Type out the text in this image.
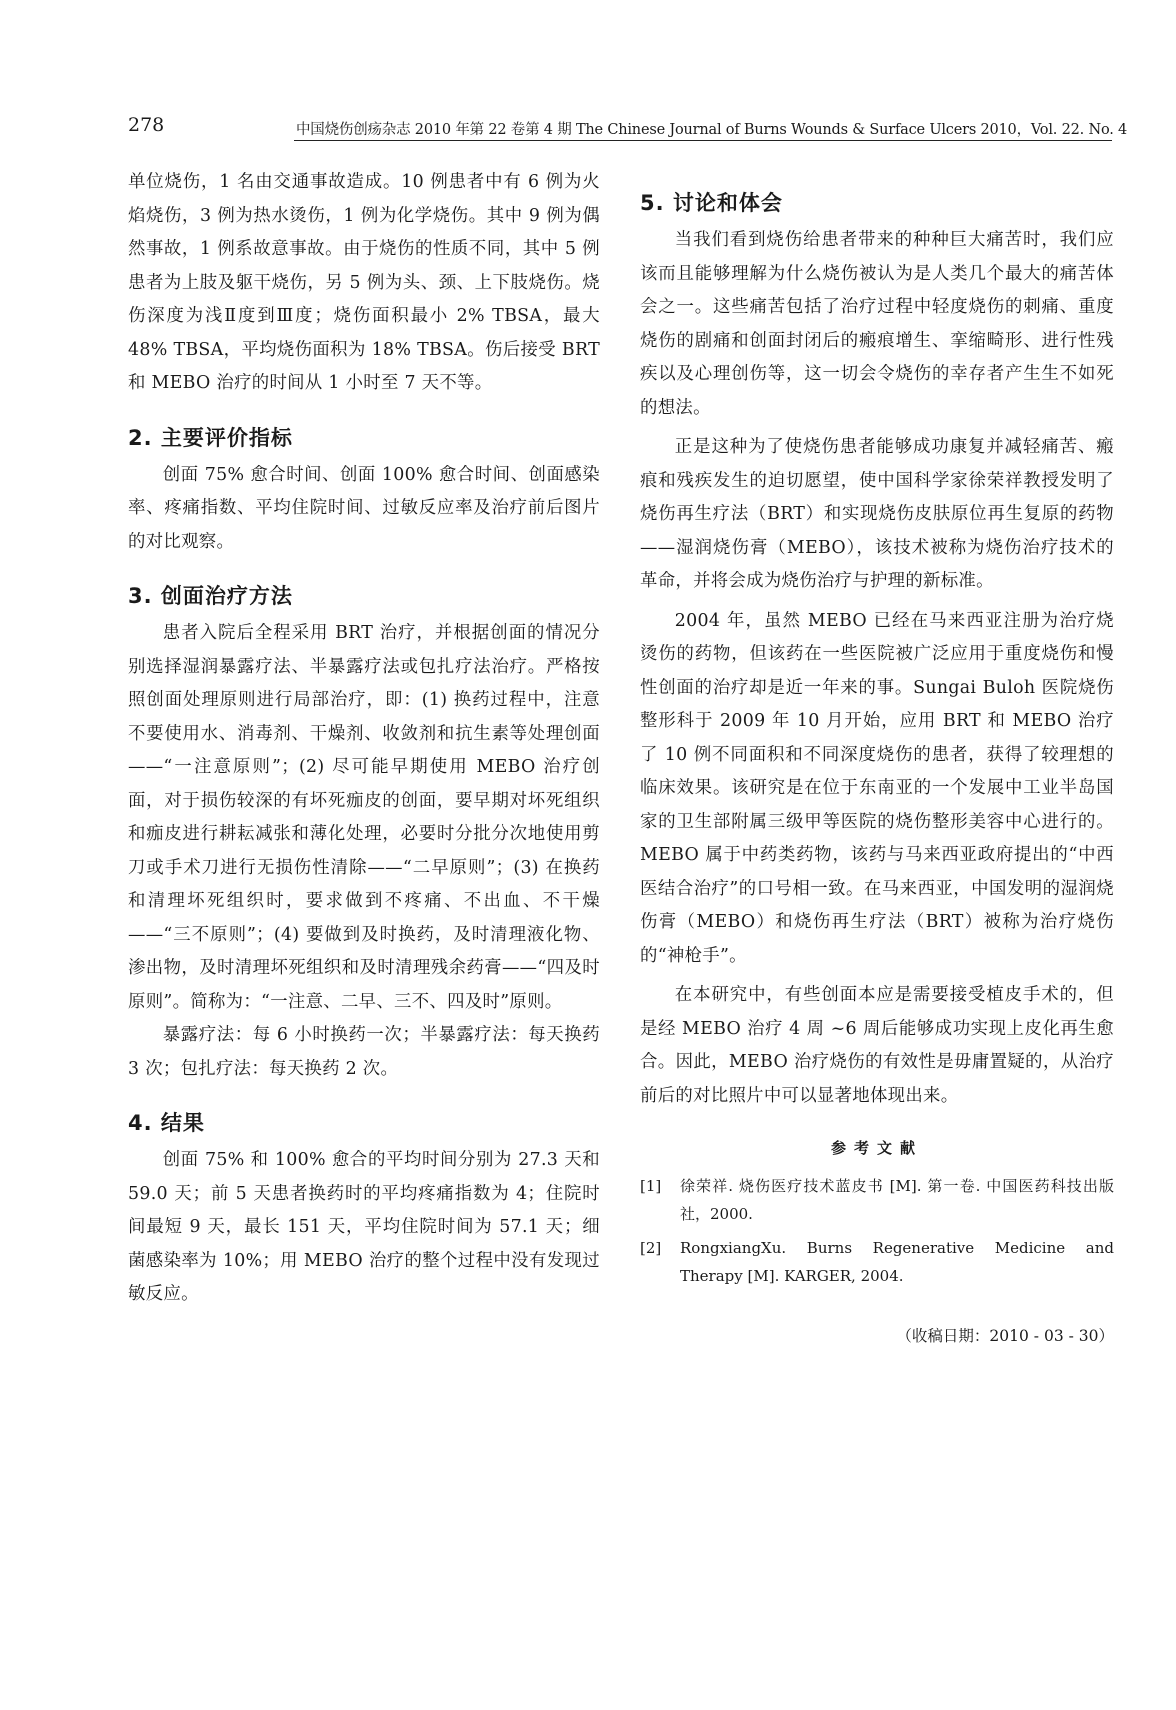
278	中国烧伤创疡杂志 2010 年第 22 卷第 4 期 The Chinese Journal of Burns Wounds & Surface Ulcers 2010，Vol. 22. No. 4

单位烧伤，1 名由交通事故造成。10 例患者中有 6 例为火焰烧伤，3 例为热水烫伤，1 例为化学烧伤。其中 9 例为偶然事故，1 例系故意事故。由于烧伤的性质不同，其中 5 例患者为上肢及躯干烧伤，另 5 例为头、颈、上下肢烧伤。烧伤深度为浅Ⅱ度到Ⅲ度；烧伤面积最小 2% TBSA，最大 48% TBSA，平均烧伤面积为 18% TBSA。伤后接受 BRT 和 MEBO 治疗的时间从 1 小时至 7 天不等。

2. 主要评价指标

创面 75% 愈合时间、创面 100% 愈合时间、创面感染率、疼痛指数、平均住院时间、过敏反应率及治疗前后图片的对比观察。

3. 创面治疗方法

患者入院后全程采用 BRT 治疗，并根据创面的情况分别选择湿润暴露疗法、半暴露疗法或包扎疗法治疗。严格按照创面处理原则进行局部治疗，即：(1) 换药过程中，注意不要使用水、消毒剂、干燥剂、收敛剂和抗生素等处理创面——“一注意原则”；(2) 尽可能早期使用 MEBO 治疗创面，对于损伤较深的有坏死痂皮的创面，要早期对坏死组织和痂皮进行耕耘减张和薄化处理，必要时分批分次地使用剪刀或手术刀进行无损伤性清除——“二早原则”；(3) 在换药和清理坏死组织时，要求做到不疼痛、不出血、不干燥——“三不原则”；(4) 要做到及时换药，及时清理液化物、渗出物，及时清理坏死组织和及时清理残余药膏——“四及时原则”。简称为：“一注意、二早、三不、四及时”原则。

暴露疗法：每 6 小时换药一次；半暴露疗法：每天换药 3 次；包扎疗法：每天换药 2 次。

4. 结果

创面 75% 和 100% 愈合的平均时间分别为 27.3 天和 59.0 天；前 5 天患者换药时的平均疼痛指数为 4；住院时间最短 9 天，最长 151 天，平均住院时间为 57.1 天；细菌感染率为 10%；用 MEBO 治疗的整个过程中没有发现过敏反应。

5. 讨论和体会

当我们看到烧伤给患者带来的种种巨大痛苦时，我们应该而且能够理解为什么烧伤被认为是人类几个最大的痛苦体会之一。这些痛苦包括了治疗过程中轻度烧伤的刺痛、重度烧伤的剧痛和创面封闭后的瘢痕增生、挛缩畸形、进行性残疾以及心理创伤等，这一切会令烧伤的幸存者产生生不如死的想法。

正是这种为了使烧伤患者能够成功康复并减轻痛苦、瘢痕和残疾发生的迫切愿望，使中国科学家徐荣祥教授发明了烧伤再生疗法（BRT）和实现烧伤皮肤原位再生复原的药物——湿润烧伤膏（MEBO），该技术被称为烧伤治疗技术的革命，并将会成为烧伤治疗与护理的新标准。

2004 年，虽然 MEBO 已经在马来西亚注册为治疗烧烫伤的药物，但该药在一些医院被广泛应用于重度烧伤和慢性创面的治疗却是近一年来的事。Sungai Buloh 医院烧伤整形科于 2009 年 10 月开始，应用 BRT 和 MEBO 治疗了 10 例不同面积和不同深度烧伤的患者，获得了较理想的临床效果。该研究是在位于东南亚的一个发展中工业半岛国家的卫生部附属三级甲等医院的烧伤整形美容中心进行的。MEBO 属于中药类药物，该药与马来西亚政府提出的“中西医结合治疗”的口号相一致。在马来西亚，中国发明的湿润烧伤膏（MEBO）和烧伤再生疗法（BRT）被称为治疗烧伤的“神枪手”。

在本研究中，有些创面本应是需要接受植皮手术的，但是经 MEBO 治疗 4 周 ~6 周后能够成功实现上皮化再生愈合。因此，MEBO 治疗烧伤的有效性是毋庸置疑的，从治疗前后的对比照片中可以显著地体现出来。

参考文献
[1] 徐荣祥. 烧伤医疗技术蓝皮书 [M]. 第一卷. 中国医药科技出版社，2000.
[2] RongxiangXu. Burns Regenerative Medicine and Therapy [M]. KARGER, 2004.
（收稿日期：2010 - 03 - 30）
